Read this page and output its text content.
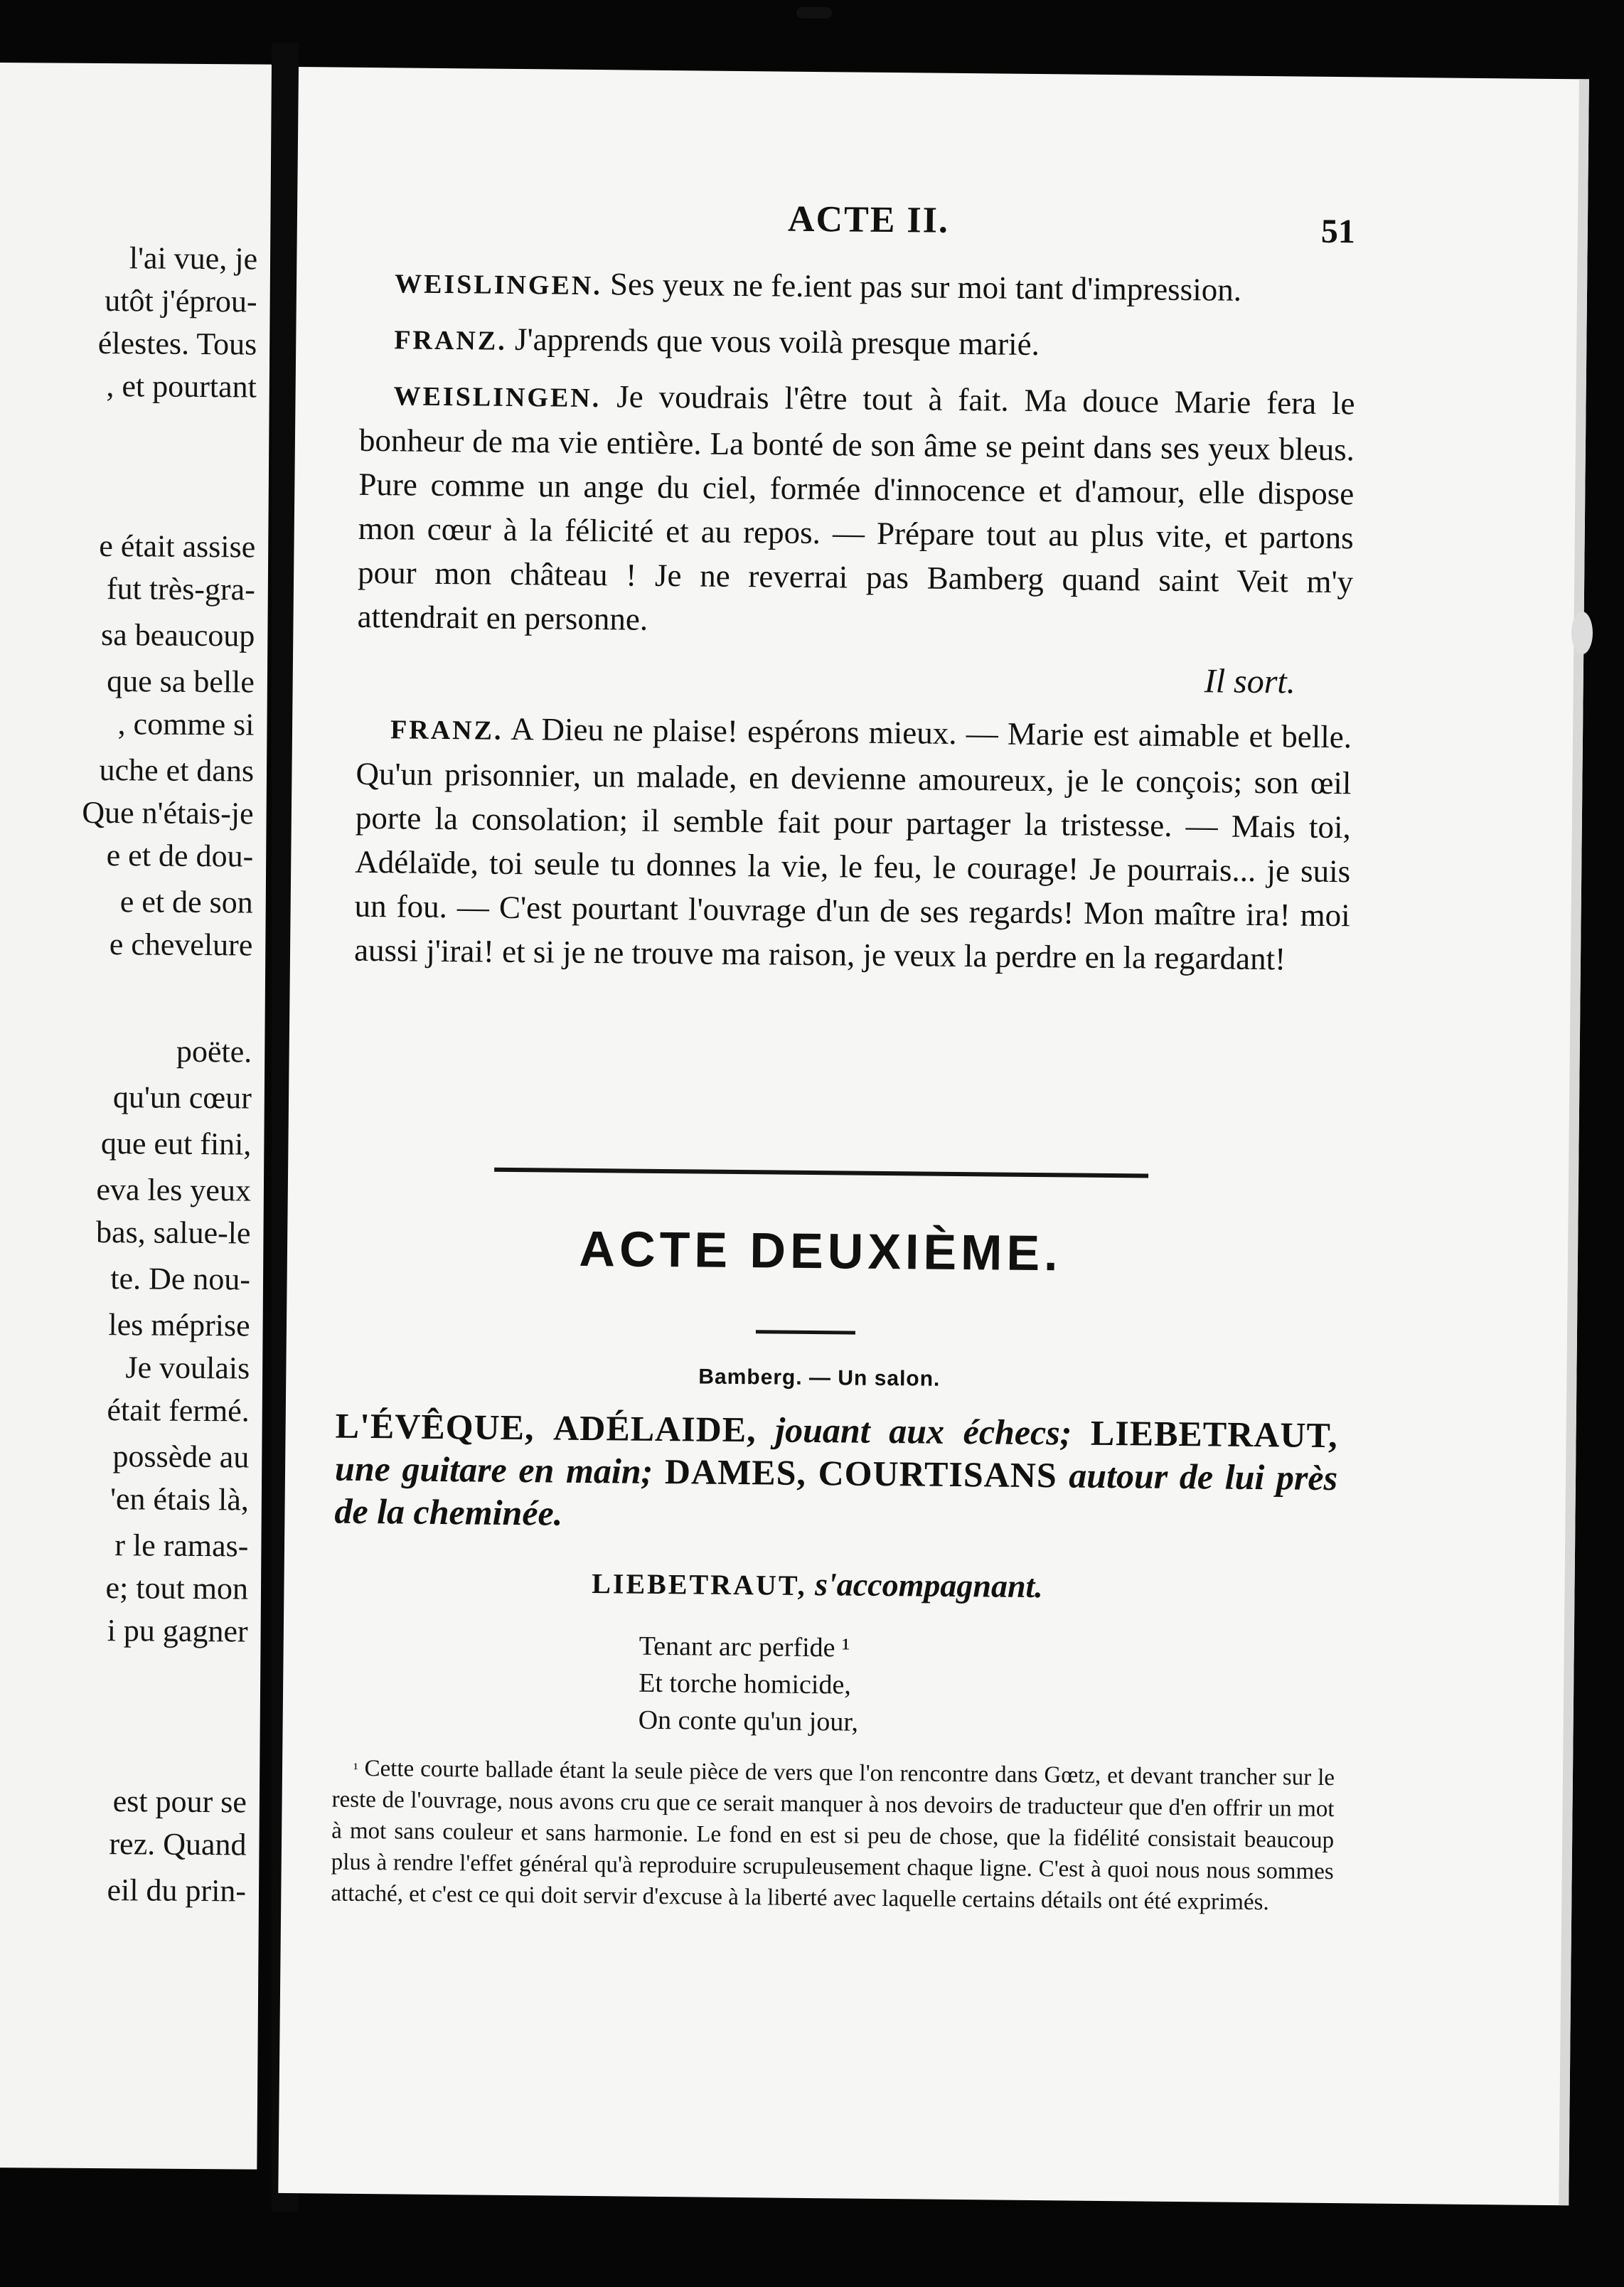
l'ai vue, je
utôt j'éprou-
élestes. Tous
, et pourtant
e était assise
fut très-gra-
sa beaucoup
que sa belle
, comme si
uche et dans
Que n'étais-je
e et de dou-
e et de son
e chevelure
poëte.
qu'un cœur
que eut fini,
eva les yeux
bas, salue-le
te. De nou-
les méprise
Je voulais
était fermé.
possède au
'en étais là,
r le ramas-
e; tout mon
i pu gagner
est pour se
rez. Quand
eil du prin-
ACTE II.	51

WEISLINGEN. Ses yeux ne fe.ient pas sur moi tant d'impression.

FRANZ. J'apprends que vous voilà presque marié.

WEISLINGEN. Je voudrais l'être tout à fait. Ma douce Marie fera le bonheur de ma vie entière. La bonté de son âme se peint dans ses yeux bleus. Pure comme un ange du ciel, formée d'innocence et d'amour, elle dispose mon cœur à la félicité et au repos. — Prépare tout au plus vite, et partons pour mon château ! Je ne reverrai pas Bamberg quand saint Veit m'y attendrait en personne.

Il sort.

FRANZ. A Dieu ne plaise! espérons mieux. — Marie est aimable et belle. Qu'un prisonnier, un malade, en devienne amoureux, je le conçois; son œil porte la consolation; il semble fait pour partager la tristesse. — Mais toi, Adélaïde, toi seule tu donnes la vie, le feu, le courage! Je pourrais... je suis un fou. — C'est pourtant l'ouvrage d'un de ses regards! Mon maître ira! moi aussi j'irai! et si je ne trouve ma raison, je veux la perdre en la regardant!

ACTE DEUXIÈME.
Bamberg. — Un salon.
L'ÉVÊQUE, ADÉLAIDE, jouant aux échecs; LIEBETRAUT, une guitare en main; DAMES, COURTISANS autour de lui près de la cheminée.
LIEBETRAUT, s'accompagnant.
Tenant arc perfide ¹
Et torche homicide,
On conte qu'un jour,

$^{^1}$ Cette courte ballade étant la seule pièce de vers que l'on rencontre dans Gœtz, et devant trancher sur le reste de l'ouvrage, nous avons cru que ce serait manquer à nos devoirs de traducteur que d'en offrir un mot à mot sans couleur et sans harmonie. Le fond en est si peu de chose, que la fidélité consistait beaucoup plus à rendre l'effet général qu'à reproduire scrupuleusement chaque ligne. C'est à quoi nous nous sommes attaché, et c'est ce qui doit servir d'excuse à la liberté avec laquelle certains détails ont été exprimés.
